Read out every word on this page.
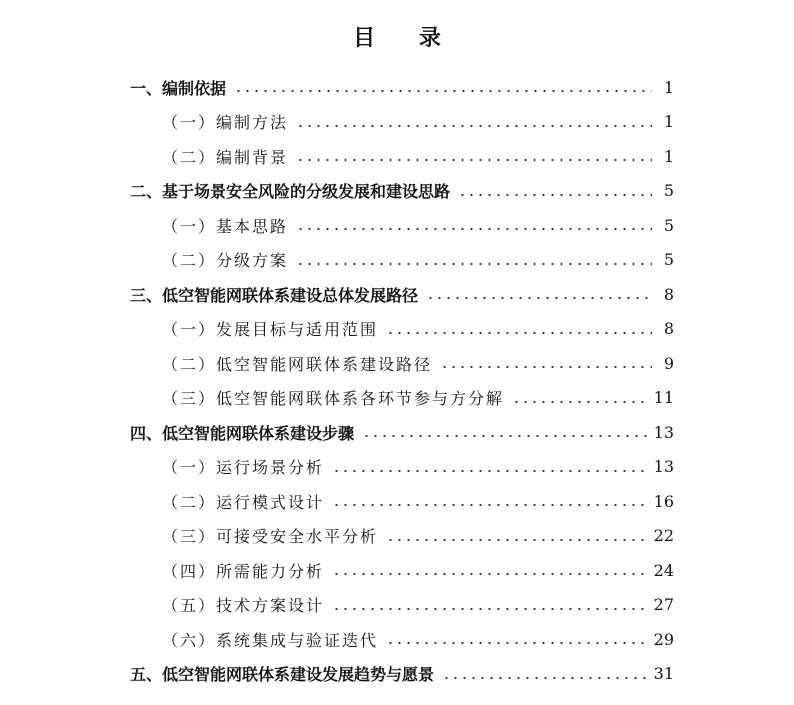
目 录
一、编制依据	1
（一）编制方法	1
（二）编制背景	1
二、基于场景安全风险的分级发展和建设思路	5
（一）基本思路	5
（二）分级方案	5
三、低空智能网联体系建设总体发展路径	8
（一）发展目标与适用范围	8
（二）低空智能网联体系建设路径	9
（三）低空智能网联体系各环节参与方分解	11
四、低空智能网联体系建设步骤	13
（一）运行场景分析	13
（二）运行模式设计	16
（三）可接受安全水平分析	22
（四）所需能力分析	24
（五）技术方案设计	27
（六）系统集成与验证迭代	29
五、低空智能网联体系建设发展趋势与愿景	31
